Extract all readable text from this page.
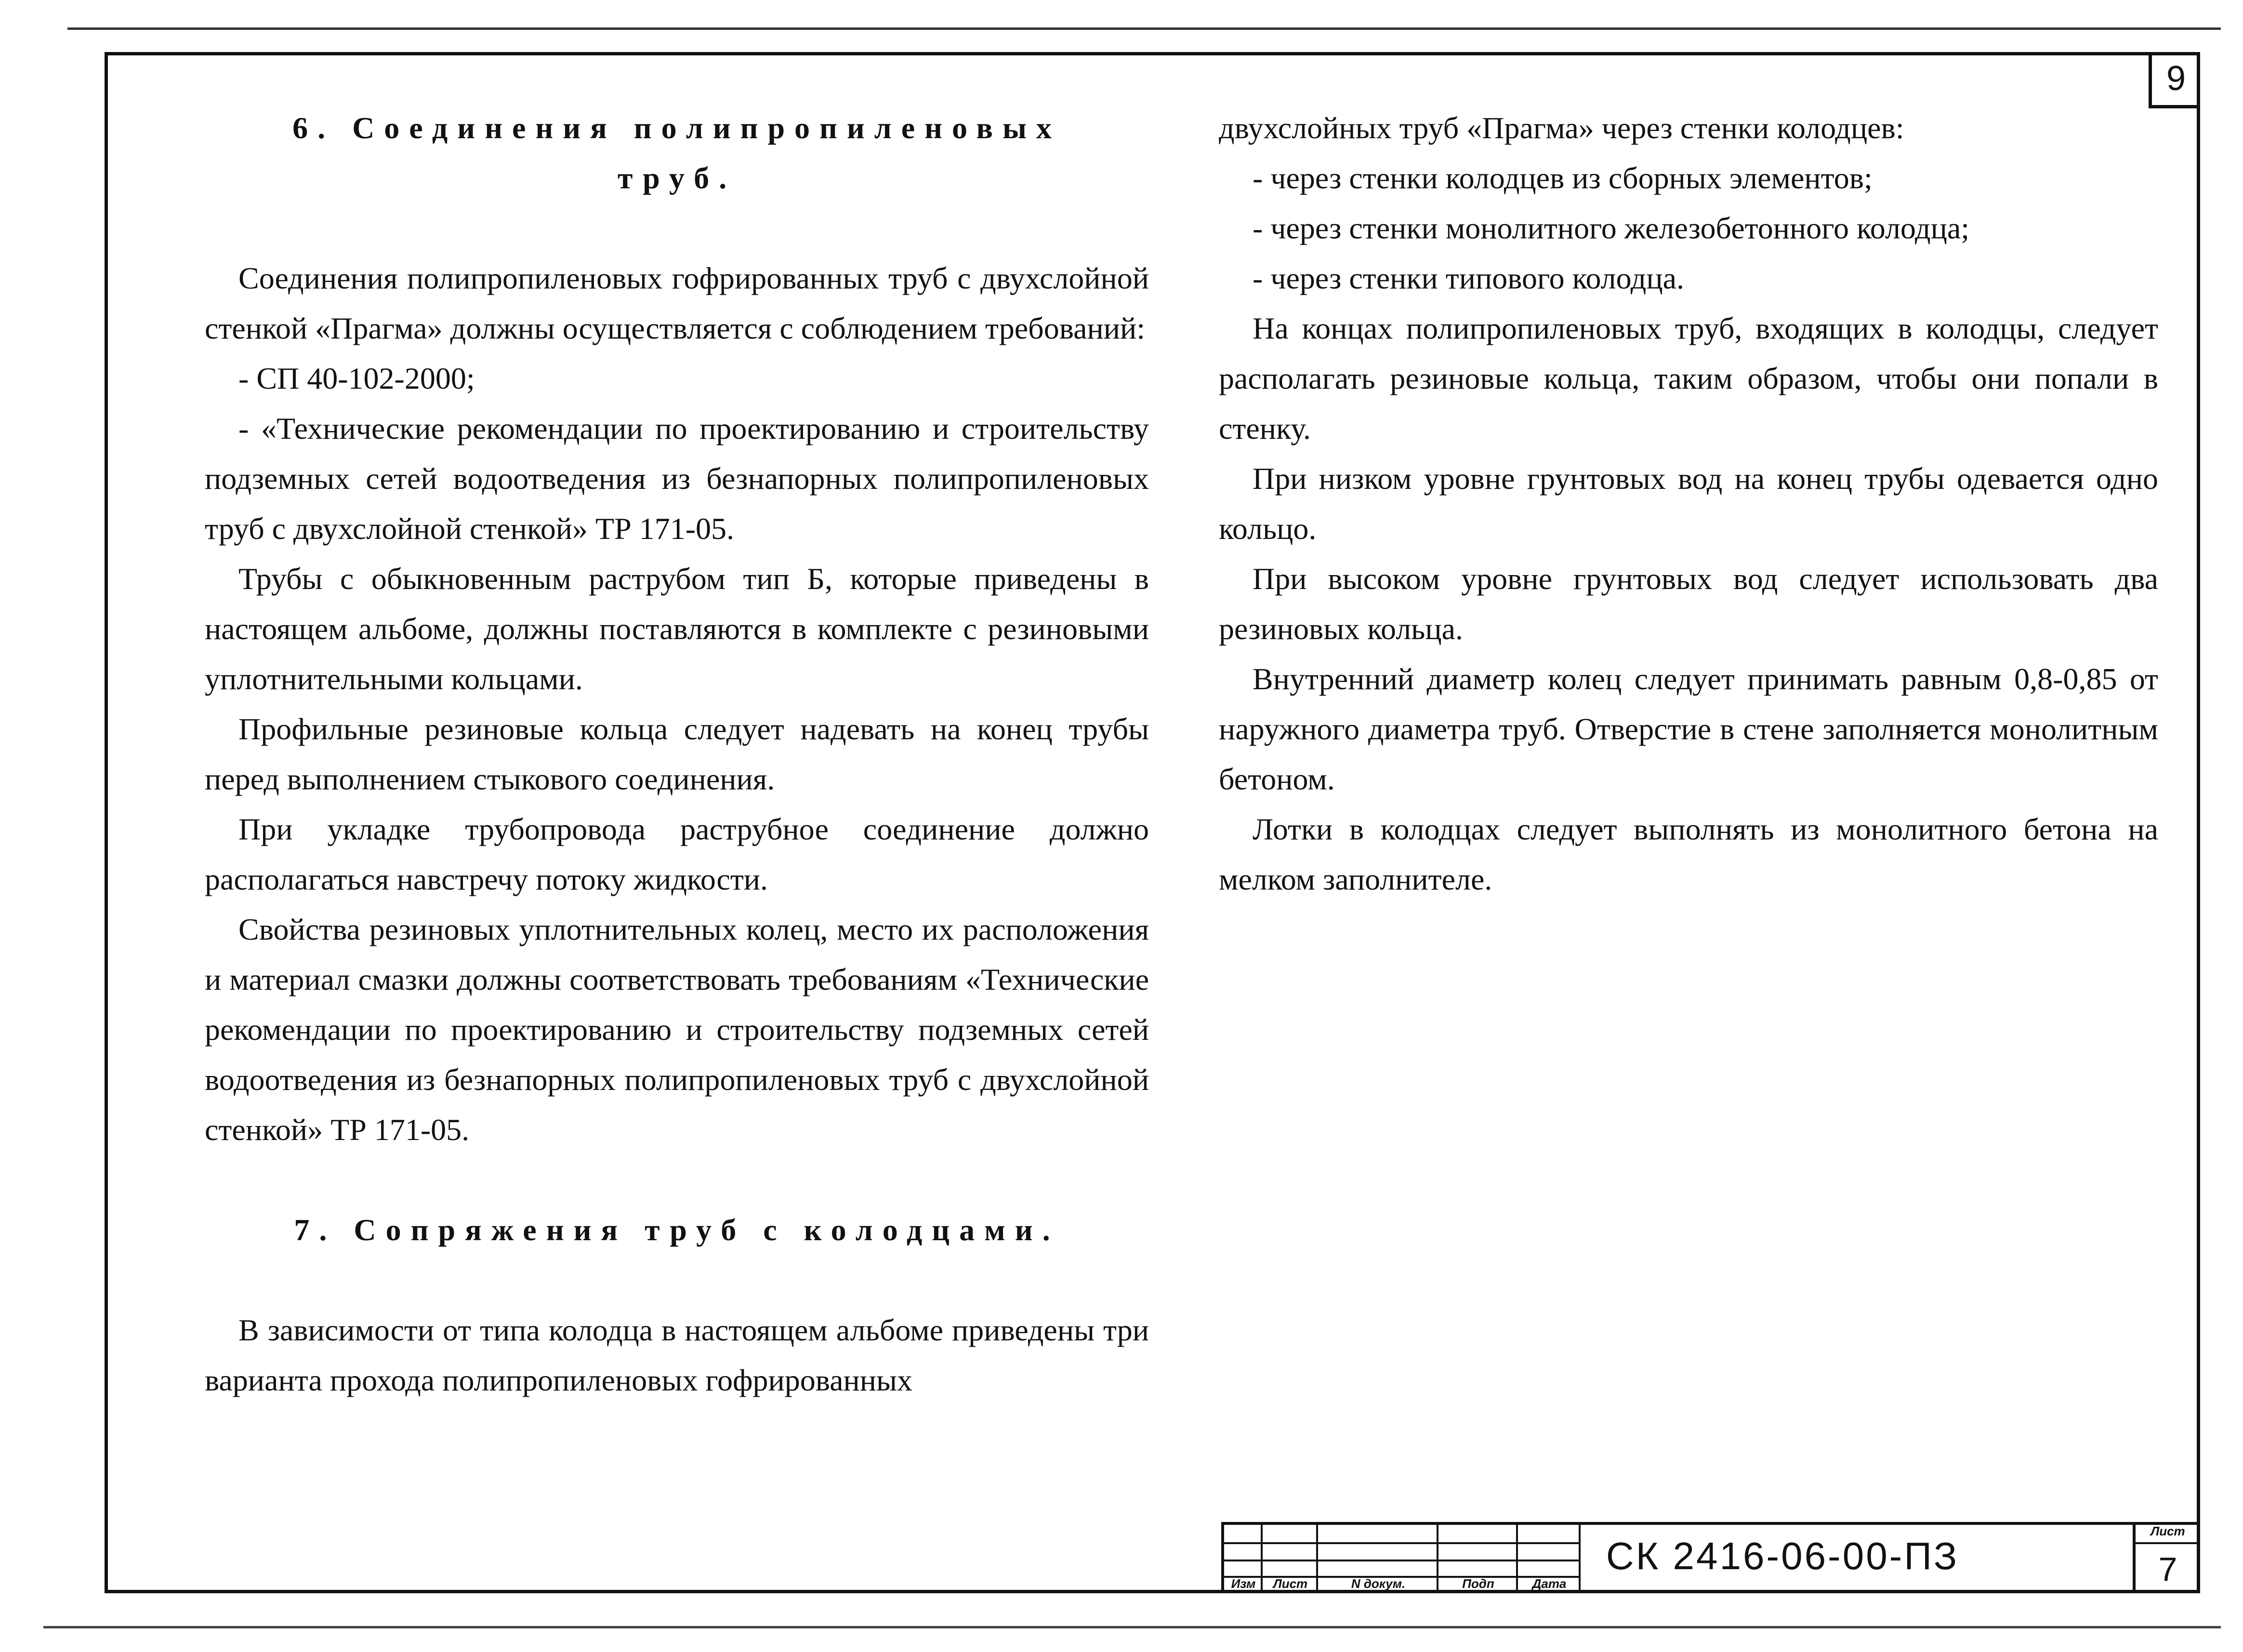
9

6. Соединения полипропиленовых

труб.

Соединения полипропиленовых гофрированных труб с двухслойной стенкой «Прагма» должны осуществляется с соблюдением требований:

- СП 40-102-2000;

- «Технические рекомендации по проектированию и строительству подземных сетей водоотведения из безнапорных полипропиленовых труб с двухслойной стенкой» ТР 171-05.

Трубы с обыкновенным раструбом тип Б, которые приведены в настоящем альбоме, должны поставляются в комплекте с резиновыми уплотнительными кольцами.

Профильные резиновые кольца следует надевать на конец трубы перед выполнением стыкового соединения.

При укладке трубопровода раструбное соединение должно располагаться навстречу потоку жидкости.

Свойства резиновых уплотнительных колец, место их расположения и материал смазки должны соответствовать требованиям «Технические рекомендации по проектированию и строительству подземных сетей водоотведения из безнапорных полипропиленовых труб с двухслойной стенкой» ТР 171-05.

7. Сопряжения труб с колодцами.

В зависимости от типа колодца в настоящем альбоме приведены три варианта прохода полипропиленовых гофрированных

двухслойных труб «Прагма» через стенки колодцев:

- через стенки колодцев из сборных элементов;

- через стенки монолитного железобетонного колодца;

- через стенки типового колодца.

На концах полипропиленовых труб, входящих в колодцы, следует располагать резиновые кольца, таким образом, чтобы они попали в стенку.

При низком уровне грунтовых вод на конец трубы одевается одно кольцо.

При высоком уровне грунтовых вод следует использовать два резиновых кольца.

Внутренний диаметр колец следует принимать равным 0,8-0,85 от наружного диаметра труб. Отверстие в стене заполняется монолитным бетоном.

Лотки в колодцах следует выполнять из монолитного бетона на мелком заполнителе.

Изм	Лист	N докум.	Подп	Дата
СК 2416-06-00-ПЗ
Лист
7
